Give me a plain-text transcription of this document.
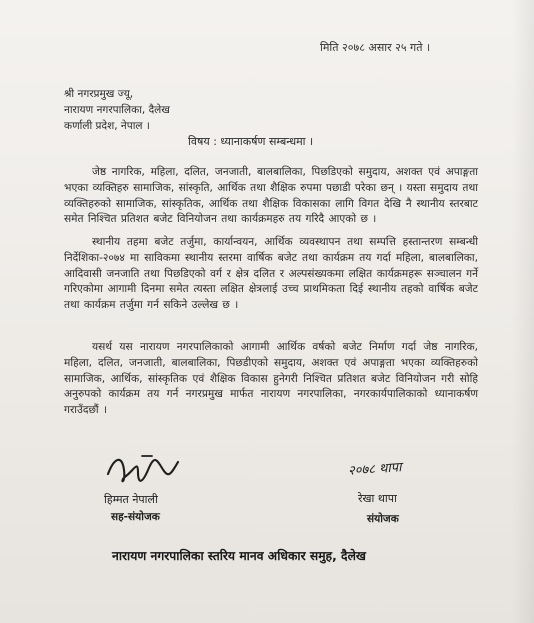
मिति २०७८ असार २५ गते ।
श्री नगरप्रमुख ज्यू,
नारायण नगरपालिका, दैलेख
कर्णाली प्रदेश, नेपाल ।
विषय : ध्यानाकर्षण सम्बन्धमा ।
जेष्ठ नागरिक, महिला, दलित, जनजाती, बालबालिका, पिछडिएको समुदाय, अशक्त एवं अपाङ्गता भएका व्यक्तिहरु सामाजिक, सांस्कृति, आर्थिक तथा शैक्षिक रुपमा पछाडी परेका छन् । यस्ता समुदाय तथा व्यक्तिहरुको सामाजिक, सांस्कृतिक, आर्थिक तथा शैक्षिक विकासका लागि विगत देखि नै स्थानीय स्तरबाट समेत निश्चित प्रतिशत बजेट विनियोजन तथा कार्यक्रमहरु तय गरिदै आएको छ ।
स्थानीय तहमा बजेट तर्जुमा, कार्यान्वयन, आर्थिक व्यवस्थापन तथा सम्पत्ति हस्तान्तरण सम्बन्धी निर्देशिका-२०७४ मा साविकमा स्थानीय स्तरमा वार्षिक बजेट तथा कार्यक्रम तय गर्दा महिला, बालबालिका, आदिवासी जनजाति तथा पिछडिएको वर्ग र क्षेत्र दलित र अल्पसंख्यकमा लक्षित कार्यक्रमहरू सञ्चालन गर्ने गरिएकोमा आगामी दिनमा समेत त्यस्ता लक्षित क्षेत्रलाई उच्च प्राथमिकता दिई स्थानीय तहको वार्षिक बजेट तथा कार्यक्रम तर्जुमा गर्न सकिने उल्लेख छ ।
यसर्थ यस नारायण नगरपालिकाको आगामी आर्थिक वर्षको बजेट निर्माण गर्दा जेष्ठ नागरिक, महिला, दलित, जनजाती, बालबालिका, पिछडीएको समुदाय, अशक्त एवं अपाङ्गता भएका व्यक्तिहरुको सामाजिक, आर्थिक, सांस्कृतिक एवं शैक्षिक विकास हुनेगरी निश्चित प्रतिशत बजेट विनियोजन गरी सोहि अनुरुपको कार्यक्रम तय गर्न नगरप्रमुख मार्फत नारायण नगरपालिका, नगरकार्यपालिकाको ध्यानाकर्षण गराउँदछौं ।
२०७८ थापा
हिम्मत नेपाली
सह-संयोजक
रेखा थापा
संयोजक
नारायण नगरपालिका स्तरिय मानव अधिकार समुह, दैलेख
